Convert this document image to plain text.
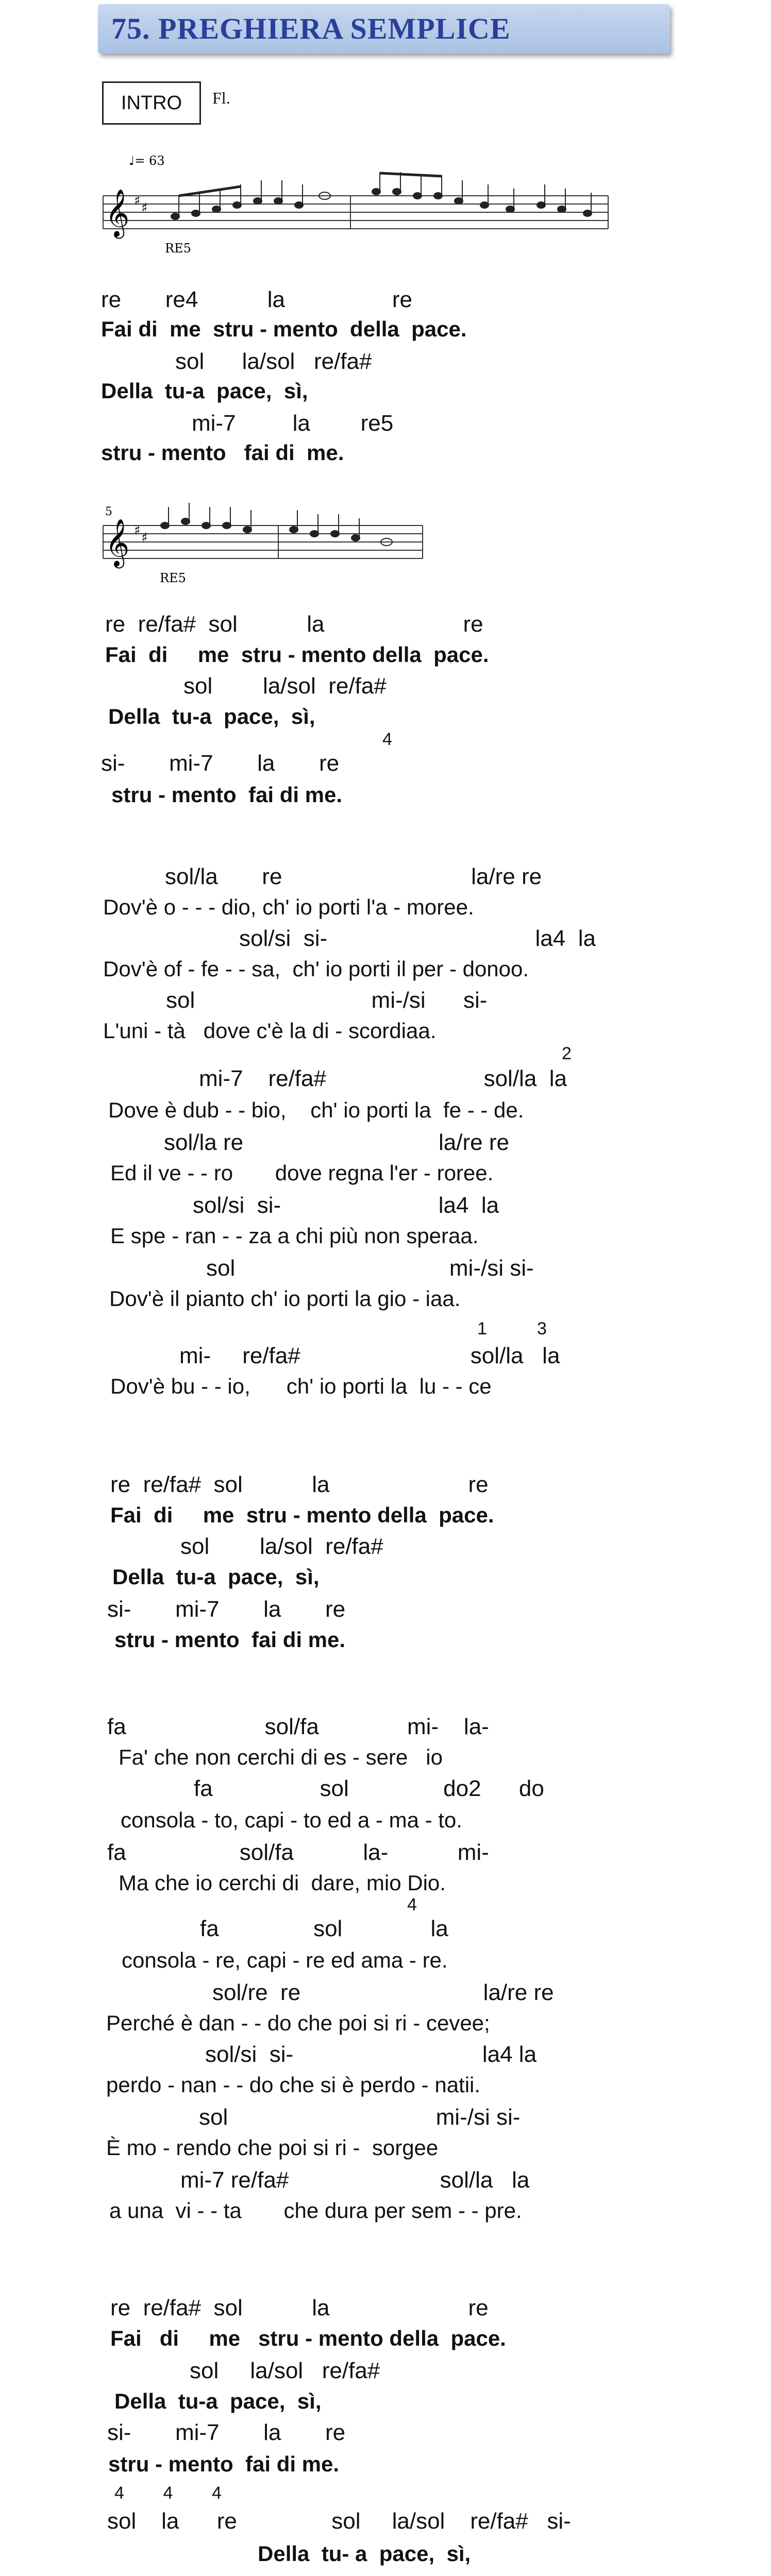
75. PREGHIERA SEMPLICE
INTRO	Fl.
𝄞 ♯ ♯
♩= 63
RE5
re       re4           la                 re
Fai di  me  stru - mento  della  pace.
sol      la/sol   re/fa#
Della  tu-a  pace,  sì,
mi-7         la        re5
stru - mento   fai di  me.
5
𝄞 ♯ ♯
RE5
re  re/fa#  sol           la                      re
Fai  di     me  stru - mento della  pace.
sol        la/sol  re/fa#
Della  tu-a  pace,  sì,
4
si-       mi-7       la       re
stru - mento  fai di me.
sol/la       re                              la/re re
Dov'è o - - - dio, ch' io porti l'a - moree.
sol/si  si-                                 la4  la
Dov'è of - fe - - sa,  ch' io porti il per - donoo.
sol                            mi-/si      si-
L'uni - tà   dove c'è la di - scordiaa.
2
mi-7    re/fa#                         sol/la  la
Dove è dub - - bio,    ch' io porti la  fe - - de.
sol/la re                               la/re re
Ed il ve - - ro       dove regna l'er - roree.
sol/si  si-                         la4  la
E spe - ran - - za a chi più non speraa.
sol                                  mi-/si si-
Dov'è il pianto ch' io porti la gio - iaa.
1	3
mi-     re/fa#                           sol/la   la
Dov'è bu - - io,      ch' io porti la  lu - - ce
re  re/fa#  sol           la                      re
Fai  di     me  stru - mento della  pace.
sol        la/sol  re/fa#
Della  tu-a  pace,  sì,
si-       mi-7       la       re
stru - mento  fai di me.
fa                      sol/fa              mi-    la-
Fa' che non cerchi di es - sere   io
fa                 sol               do2      do
consola - to, capi - to ed a - ma - to.
fa                  sol/fa           la-           mi-
Ma che io cerchi di  dare, mio Dio.
4
fa               sol              la
consola - re, capi - re ed ama - re.
sol/re  re                             la/re re
Perché è dan - - do che poi si ri - cevee;
sol/si  si-                              la4 la
perdo - nan - - do che si è perdo - natii.
sol                                 mi-/si si-
È mo - rendo che poi si ri -  sorgee
mi-7 re/fa#                        sol/la   la
a una  vi - - ta       che dura per sem - - pre.
re  re/fa#  sol           la                      re
Fai   di     me   stru - mento della  pace.
sol     la/sol   re/fa#
Della  tu-a  pace,  sì,
si-       mi-7       la       re
stru - mento  fai di me.
4        4        4
sol    la      re               sol     la/sol    re/fa#   si-
Della  tu- a  pace,  sì,
